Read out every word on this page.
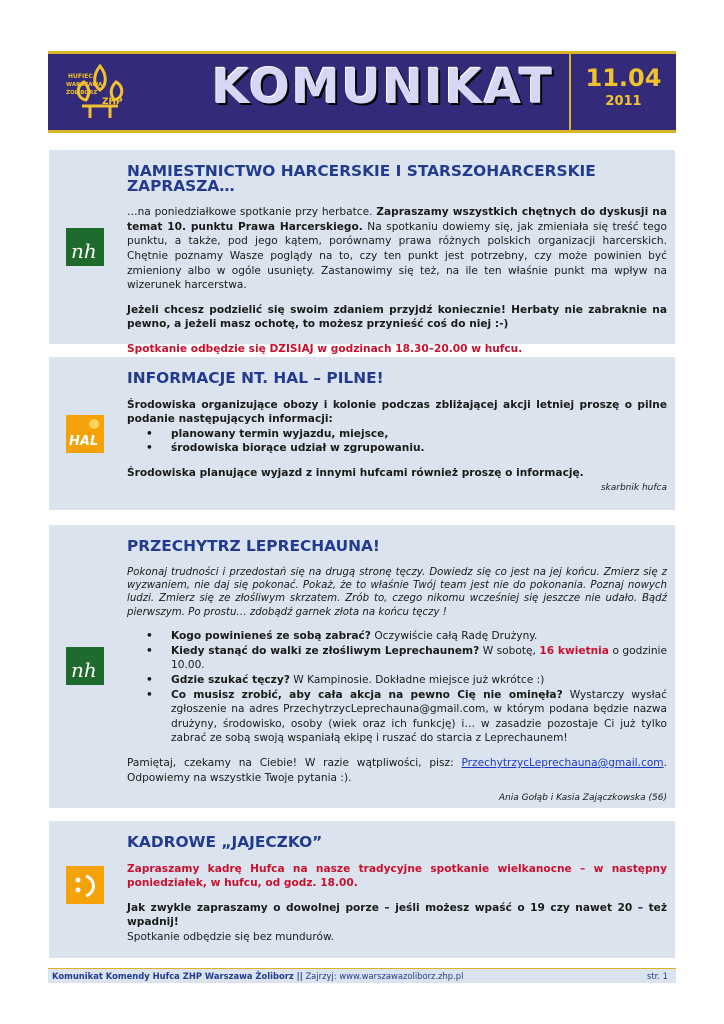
HUFIEC
WARSZAWA
ŻOLIBORZ
ZHP	KOMUNIKAT	11.04
2011
nh
NAMIESTNICTWO HARCERSKIE I STARSZOHARCERSKIE ZAPRASZA…

…na poniedziałkowe spotkanie przy herbatce. Zapraszamy wszystkich chętnych do dyskusji na temat 10. punktu Prawa Harcerskiego. Na spotkaniu dowiemy się, jak zmieniała się treść tego punktu, a także, pod jego kątem, porównamy prawa różnych polskich organizacji harcerskich. Chętnie poznamy Wasze poglądy na to, czy ten punkt jest potrzebny, czy może powinien być zmieniony albo w ogóle usunięty. Zastanowimy się też, na ile ten właśnie punkt ma wpływ na wizerunek harcerstwa.

Jeżeli chcesz podzielić się swoim zdaniem przyjdź koniecznie! Herbaty nie zabraknie na pewno, a jeżeli masz ochotę, to możesz przynieść coś do niej :-)

Spotkanie odbędzie się DZISIAJ w godzinach 18.30–20.00 w hufcu.

HAL
INFORMACJE NT. HAL – PILNE!

Środowiska organizujące obozy i kolonie podczas zbliżającej akcji letniej proszę o pilne podanie następujących informacji:

• planowany termin wyjazdu, miejsce,
• środowiska biorące udział w zgrupowaniu.

Środowiska planujące wyjazd z innymi hufcami również proszę o informację.

skarbnik hufca
nh
PRZECHYTRZ LEPRECHAUNA!

Pokonaj trudności i przedostań się na drugą stronę tęczy. Dowiedz się co jest na jej końcu. Zmierz się z wyzwaniem, nie daj się pokonać. Pokaż, że to właśnie Twój team jest nie do pokonania. Poznaj nowych ludzi. Zmierz się ze złośliwym skrzatem. Zrób to, czego nikomu wcześniej się jeszcze nie udało. Bądź pierwszym. Po prostu… zdobądź garnek złota na końcu tęczy !

• Kogo powinieneś ze sobą zabrać? Oczywiście całą Radę Drużyny.
• Kiedy stanąć do walki ze złośliwym Leprechaunem? W sobotę, 16 kwietnia o godzinie 10.00.
• Gdzie szukać tęczy? W Kampinosie. Dokładne miejsce już wkrótce :)
• Co musisz zrobić, aby cała akcja na pewno Cię nie ominęła? Wystarczy wysłać zgłoszenie na adres PrzechytrzycLeprechauna@gmail.com, w którym podana będzie nazwa drużyny, środowisko, osoby (wiek oraz ich funkcję) i… w zasadzie pozostaje Ci już tylko zabrać ze sobą swoją wspaniałą ekipę i ruszać do starcia z Leprechaunem!

Pamiętaj, czekamy na Ciebie! W razie wątpliwości, pisz: PrzechytrzycLeprechauna@gmail.com. Odpowiemy na wszystkie Twoje pytania :).

Ania Gołąb i Kasia Zajączkowska (56)
KADROWE „JAJECZKO”

Zapraszamy kadrę Hufca na nasze tradycyjne spotkanie wielkanocne – w następny poniedziałek, w hufcu, od godz. 18.00.

Jak zwykle zapraszamy o dowolnej porze – jeśli możesz wpaść o 19 czy nawet 20 – też wpadnij!
Spotkanie odbędzie się bez mundurów.

Komunikat Komendy Hufca ZHP Warszawa Żoliborz || Zajrzyj: www.warszawazoliborz.zhp.pl	str. 1
